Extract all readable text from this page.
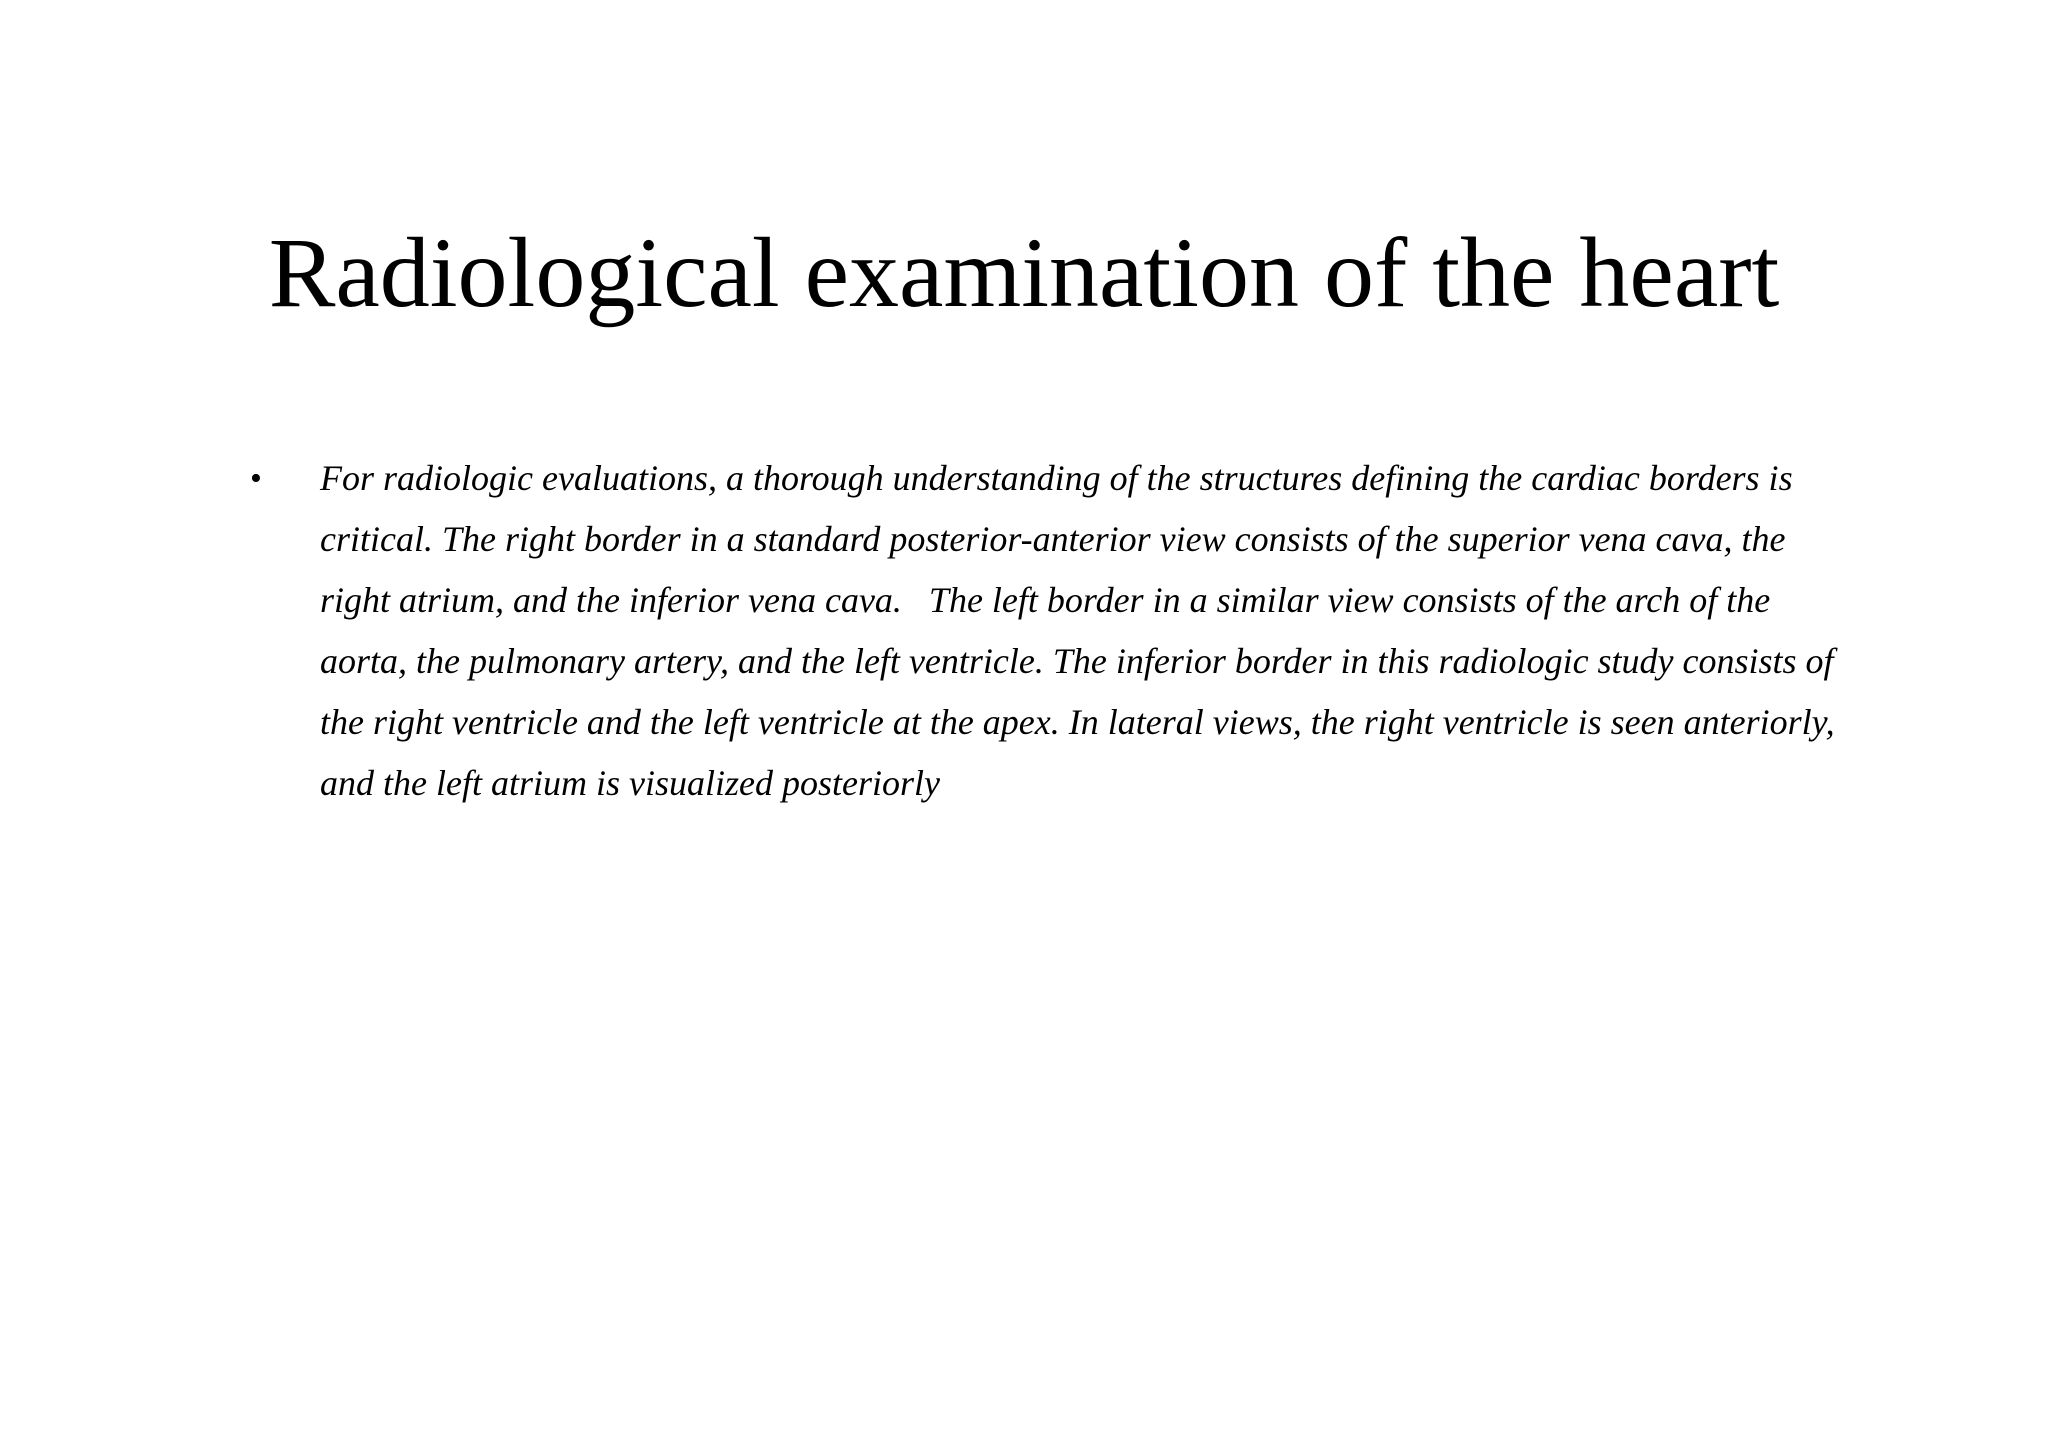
Radiological examination of the heart
• For radiologic evaluations, a thorough understanding of the structures defining the cardiac borders is critical. The right border in a standard posterior-anterior view consists of the superior vena cava, the right atrium, and the inferior vena cava.   The left border in a similar view consists of the arch of the aorta, the pulmonary artery, and the left ventricle. The inferior border in this radiologic study consists of the right ventricle and the left ventricle at the apex. In lateral views, the right ventricle is seen anteriorly, and the left atrium is visualized posteriorly
